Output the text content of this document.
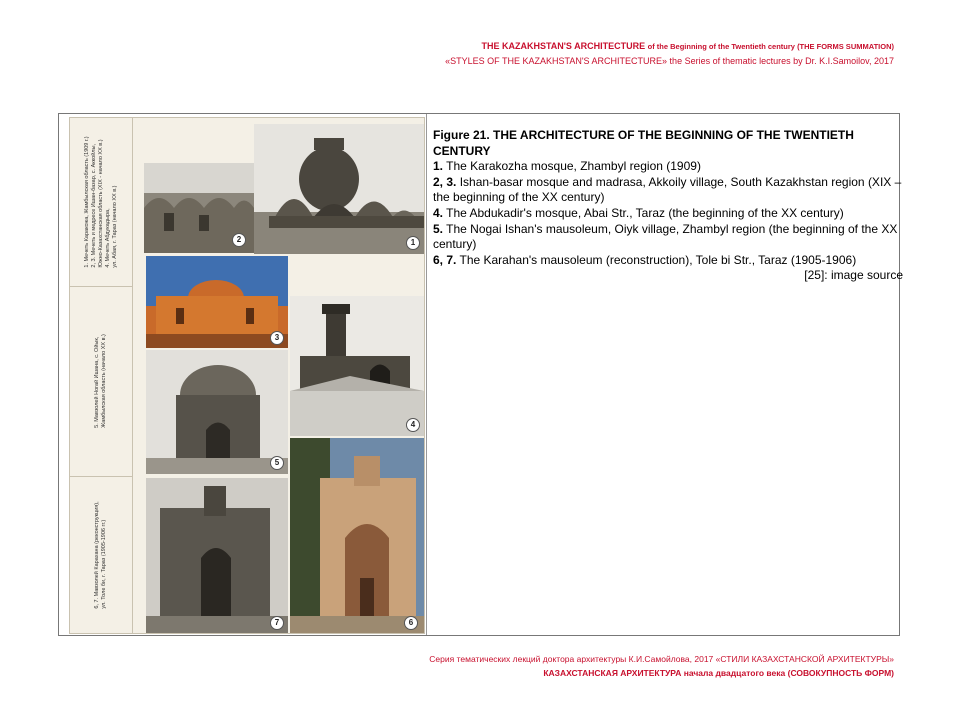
THE KAZAKHSTAN'S ARCHITECTURE of the Beginning of the Twentieth century (THE FORMS SUMMATION)
«STYLES OF THE KAZAKHSTAN'S ARCHITECTURE» the Series of thematic lectures by Dr. K.I.Samoilov, 2017
1. Мечеть Каракожа, Жамбылская область (1909 г.)
2, 3. Мечеть и медресе Ишан-базар, с. Аккойлы,
Южно-Казахстанская область (XIX - начало XX в.)
4. Мечеть Абдукадыра,
ул. Абая, г. Тараз (начало XX в.)
5. Мавзолей Ногай Ишана, с. Ойык,
Жамбылская область (начало XX в.)
6, 7. Мавзолей Карахана (реконструкция),
ул. Толе би, г. Тараз (1905-1906 гг.)
2	1
3
4
5
7	6

Figure 21. THE ARCHITECTURE OF THE BEGINNING OF THE TWENTIETH CENTURY

1. The Karakozha mosque, Zhambyl region (1909)

2, 3. Ishan-basar mosque and madrasa, Akkoily village, South Kazakhstan region (XIX – the beginning of the XX century)

4. The Abdukadir's mosque, Abai Str., Taraz (the beginning of the XX century)

5. The Nogai Ishan's mausoleum, Oiyk village, Zhambyl region (the beginning of the XX century)

6, 7. The Karahan's mausoleum (reconstruction), Tole bi Str., Taraz (1905-1906)

[25]: image source

Серия тематических лекций доктора архитектуры К.И.Самойлова, 2017 «СТИЛИ КАЗАХСТАНСКОЙ АРХИТЕКТУРЫ»
КАЗАХСТАНСКАЯ АРХИТЕКТУРА начала двадцатого века (СОВОКУПНОСТЬ ФОРМ)
